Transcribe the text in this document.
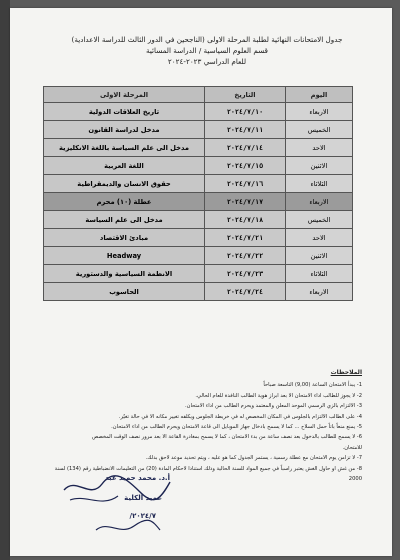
جدول الامتحانات النهائية لطلبة المرحلة الاولى (الناجحين في الدور الثالث للدراسة الاعدادية)
قسم العلوم السياسية / الدراسة المسائية
للعام الدراسي ٢٠٢٣-٢٠٢٤
اليوم	التاريخ	المرحلة الاولى
الاربعاء	٢٠٢٤/٧/١٠	تاريخ العلاقات الدولية
الخميس	٢٠٢٤/٧/١١	مدخل لدراسة القانون
الاحد	٢٠٢٤/٧/١٤	مدخل الى علم السياسة باللغة الانكليزية
الاثنين	٢٠٢٤/٧/١٥	اللغة العربية
الثلاثاء	٢٠٢٤/٧/١٦	حقوق الانسان والديمقراطية
الاربعاء	٢٠٢٤/٧/١٧	عطلة (١٠) محرم
الخميس	٢٠٢٤/٧/١٨	مدخل الى علم السياسة
الاحد	٢٠٢٤/٧/٢١	مبادئ الاقتصاد
الاثنين	٢٠٢٤/٧/٢٢	Headway
الثلاثاء	٢٠٢٤/٧/٢٣	الانظمة السياسية والدستورية
الاربعاء	٢٠٢٤/٧/٢٤	الحاسوب
الملاحظات
1- يبدأ الامتحان الساعة (9,00) التاسعة صباحاً
2- لا يجوز للطالب اداء الامتحان الا بعد ابراز هوية الطالب النافذة للعام الحالي.
3- الالتزام بالزي الرسمي الموحد المعلن والمعتمد ويحرم الطالب من اداء الامتحان.
4- على الطالب الالتزام بالجلوس في المكان المخصص له في خريطة الجلوس ويكلفه تغيير مكانه الا في حالة تغيّر.
5- يمنع منعاً باتاً حمل السلاح ... كما لا يسمح بادخال جهاز الموبايل الى قاعة الامتحان ويحرم الطالب من اداء الامتحان.
6- لا يسمح للطالب بالدخول بعد نصف ساعة من بدء الامتحان ، كما لا يسمح بمغادرة القاعة الا بعد مرور نصف الوقت المخصص
للامتحان.
7- لا تزامن يوم الامتحان مع عطلة رسمية ، يستمر الجدول كما هو عليه ، ويتم تحديد موعد لاحق بذلك.
8- من غش او حاول الغش يعتبر راسباً في جميع المواد للسنة الحالية وذلك استنادا لاحكام المادة (20) من التعليمات الانضباطية رقم (134) لسنة
2000
أ.د. محمد حميد عبد
عميد الكلية
٢٠٢٤/٧/
